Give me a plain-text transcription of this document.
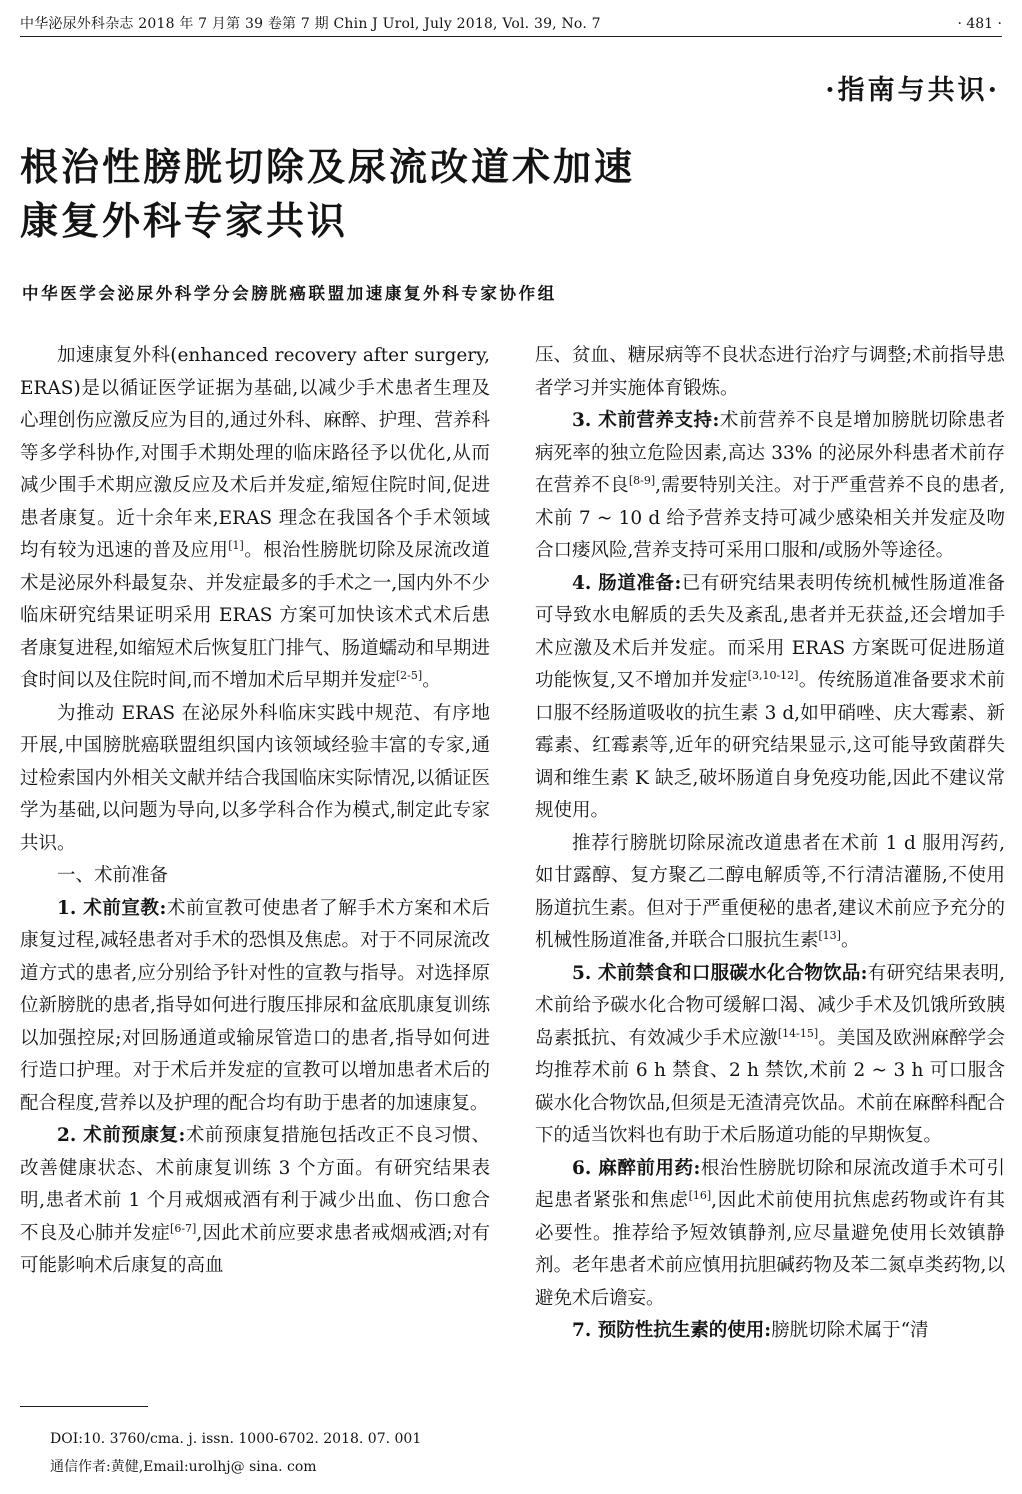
中华泌尿外科杂志 2018 年 7 月第 39 卷第 7 期 Chin J Urol, July 2018, Vol. 39, No. 7	· 481 ·
·指南与共识·
根治性膀胱切除及尿流改道术加速
康复外科专家共识
中华医学会泌尿外科学分会膀胱癌联盟加速康复外科专家协作组

加速康复外科(enhanced recovery after surgery, ERAS)是以循证医学证据为基础,以减少手术患者生理及心理创伤应激反应为目的,通过外科、麻醉、护理、营养科等多学科协作,对围手术期处理的临床路径予以优化,从而减少围手术期应激反应及术后并发症,缩短住院时间,促进患者康复。近十余年来,ERAS 理念在我国各个手术领域均有较为迅速的普及应用[1]。根治性膀胱切除及尿流改道术是泌尿外科最复杂、并发症最多的手术之一,国内外不少临床研究结果证明采用 ERAS 方案可加快该术式术后患者康复进程,如缩短术后恢复肛门排气、肠道蠕动和早期进食时间以及住院时间,而不增加术后早期并发症[2-5]。

为推动 ERAS 在泌尿外科临床实践中规范、有序地开展,中国膀胱癌联盟组织国内该领域经验丰富的专家,通过检索国内外相关文献并结合我国临床实际情况,以循证医学为基础,以问题为导向,以多学科合作为模式,制定此专家共识。

一、术前准备

1. 术前宣教:术前宣教可使患者了解手术方案和术后康复过程,减轻患者对手术的恐惧及焦虑。对于不同尿流改道方式的患者,应分别给予针对性的宣教与指导。对选择原位新膀胱的患者,指导如何进行腹压排尿和盆底肌康复训练以加强控尿;对回肠通道或输尿管造口的患者,指导如何进行造口护理。对于术后并发症的宣教可以增加患者术后的配合程度,营养以及护理的配合均有助于患者的加速康复。

2. 术前预康复:术前预康复措施包括改正不良习惯、改善健康状态、术前康复训练 3 个方面。有研究结果表明,患者术前 1 个月戒烟戒酒有利于减少出血、伤口愈合不良及心肺并发症[6-7],因此术前应要求患者戒烟戒酒;对有可能影响术后康复的高血

压、贫血、糖尿病等不良状态进行治疗与调整;术前指导患者学习并实施体育锻炼。

3. 术前营养支持:术前营养不良是增加膀胱切除患者病死率的独立危险因素,高达 33% 的泌尿外科患者术前存在营养不良[8-9],需要特别关注。对于严重营养不良的患者,术前 7 ~ 10 d 给予营养支持可减少感染相关并发症及吻合口瘘风险,营养支持可采用口服和/或肠外等途径。

4. 肠道准备:已有研究结果表明传统机械性肠道准备可导致水电解质的丢失及紊乱,患者并无获益,还会增加手术应激及术后并发症。而采用 ERAS 方案既可促进肠道功能恢复,又不增加并发症[3,10-12]。传统肠道准备要求术前口服不经肠道吸收的抗生素 3 d,如甲硝唑、庆大霉素、新霉素、红霉素等,近年的研究结果显示,这可能导致菌群失调和维生素 K 缺乏,破坏肠道自身免疫功能,因此不建议常规使用。

推荐行膀胱切除尿流改道患者在术前 1 d 服用泻药,如甘露醇、复方聚乙二醇电解质等,不行清洁灌肠,不使用肠道抗生素。但对于严重便秘的患者,建议术前应予充分的机械性肠道准备,并联合口服抗生素[13]。

5. 术前禁食和口服碳水化合物饮品:有研究结果表明,术前给予碳水化合物可缓解口渴、减少手术及饥饿所致胰岛素抵抗、有效减少手术应激[14-15]。美国及欧洲麻醉学会均推荐术前 6 h 禁食、2 h 禁饮,术前 2 ~ 3 h 可口服含碳水化合物饮品,但须是无渣清亮饮品。术前在麻醉科配合下的适当饮料也有助于术后肠道功能的早期恢复。

6. 麻醉前用药:根治性膀胱切除和尿流改道手术可引起患者紧张和焦虑[16],因此术前使用抗焦虑药物或许有其必要性。推荐给予短效镇静剂,应尽量避免使用长效镇静剂。老年患者术前应慎用抗胆碱药物及苯二氮卓类药物,以避免术后谵妄。

7. 预防性抗生素的使用:膀胱切除术属于“清

DOI:10. 3760/cma. j. issn. 1000-6702. 2018. 07. 001
通信作者:黄健,Email:urolhj@ sina. com
